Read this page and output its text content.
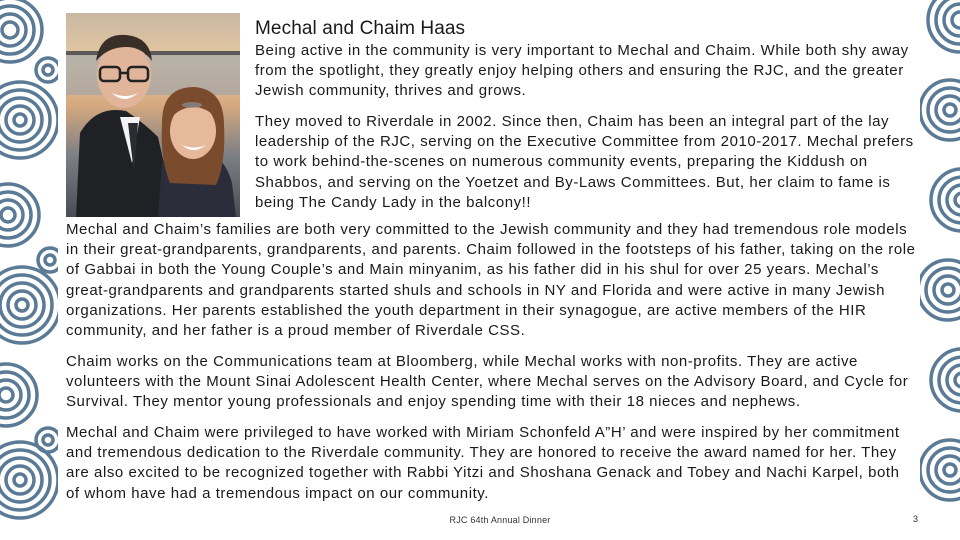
Mechal and Chaim Haas

Being active in the community is very important to Mechal and Chaim. While both shy away from the spotlight, they greatly enjoy helping others and ensuring the RJC, and the greater Jewish community, thrives and grows.

They moved to Riverdale in 2002. Since then, Chaim has been an integral part of the lay leadership of the RJC, serving on the Executive Committee from 2010-2017. Mechal prefers to work behind-the-scenes on numerous community events, preparing the Kiddush on Shabbos, and serving on the Yoetzet and By-Laws Committees. But, her claim to fame is being The Candy Lady in the balcony!!

Mechal and Chaim’s families are both very committed to the Jewish community and they had tremendous role models in their great-grandparents, grandparents, and parents. Chaim followed in the footsteps of his father, taking on the role of Gabbai in both the Young Couple’s and Main minyanim, as his father did in his shul for over 25 years. Mechal’s great-grandparents and grandparents started shuls and schools in NY and Florida and were active in many Jewish organizations. Her parents established the youth department in their synagogue, are active members of the HIR community, and her father is a proud member of Riverdale CSS.

Chaim works on the Communications team at Bloomberg, while Mechal works with non-profits. They are active volunteers with the Mount Sinai Adolescent Health Center, where Mechal serves on the Advisory Board, and Cycle for Survival. They mentor young professionals and enjoy spending time with their 18 nieces and nephews.

Mechal and Chaim were privileged to have worked with Miriam Schonfeld A”H’ and were inspired by her commitment and tremendous dedication to the Riverdale community. They are honored to receive the award named for her. They are also excited to be recognized together with Rabbi Yitzi and Shoshana Genack and Tobey and Nachi Karpel, both of whom have had a tremendous impact on our community.

RJC 64th Annual Dinner	3
